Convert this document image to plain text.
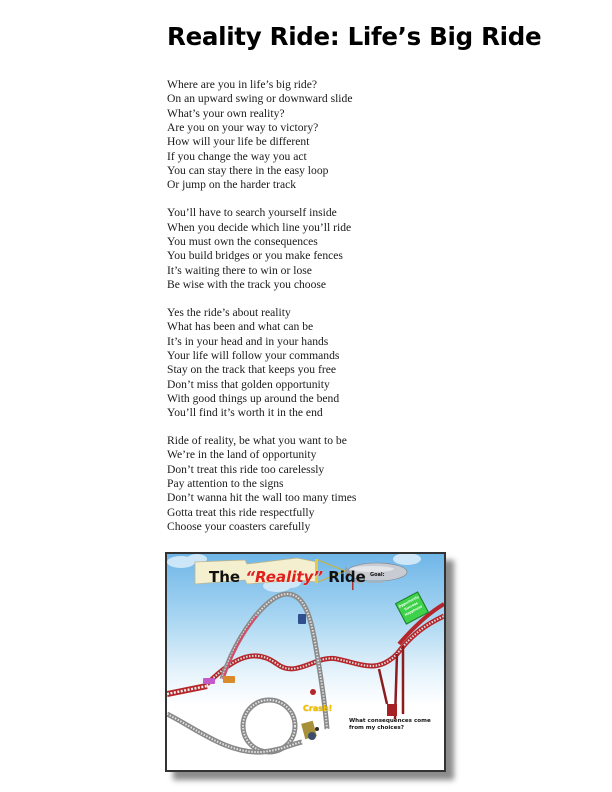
Reality Ride: Life’s Big Ride
Where are you in life’s big ride?
On an upward swing or downward slide
What’s your own reality?
Are you on your way to victory?
How will your life be different
If you change the way you act
You can stay there in the easy loop
Or jump on the harder track
You’ll have to search yourself inside
When you decide which line you’ll ride
You must own the consequences
You build bridges or you make fences
It’s waiting there to win or lose
Be wise with the track you choose
Yes the ride’s about reality
What has been and what can be
It’s in your head and in your hands
Your life will follow your commands
Stay on the track that keeps you free
Don’t miss that golden opportunity
With good things up around the bend
You’ll find it’s worth it in the end
Ride of reality, be what you want to be
We’re in the land of opportunity
Don’t treat this ride too carelessly
Pay attention to the signs
Don’t wanna hit the wall too many times
Gotta treat this ride respectfully
Choose your coasters carefully
The “Reality” Ride Goal:
Opportunity Success Happiness
Crash!
What consequences come from my choices?
